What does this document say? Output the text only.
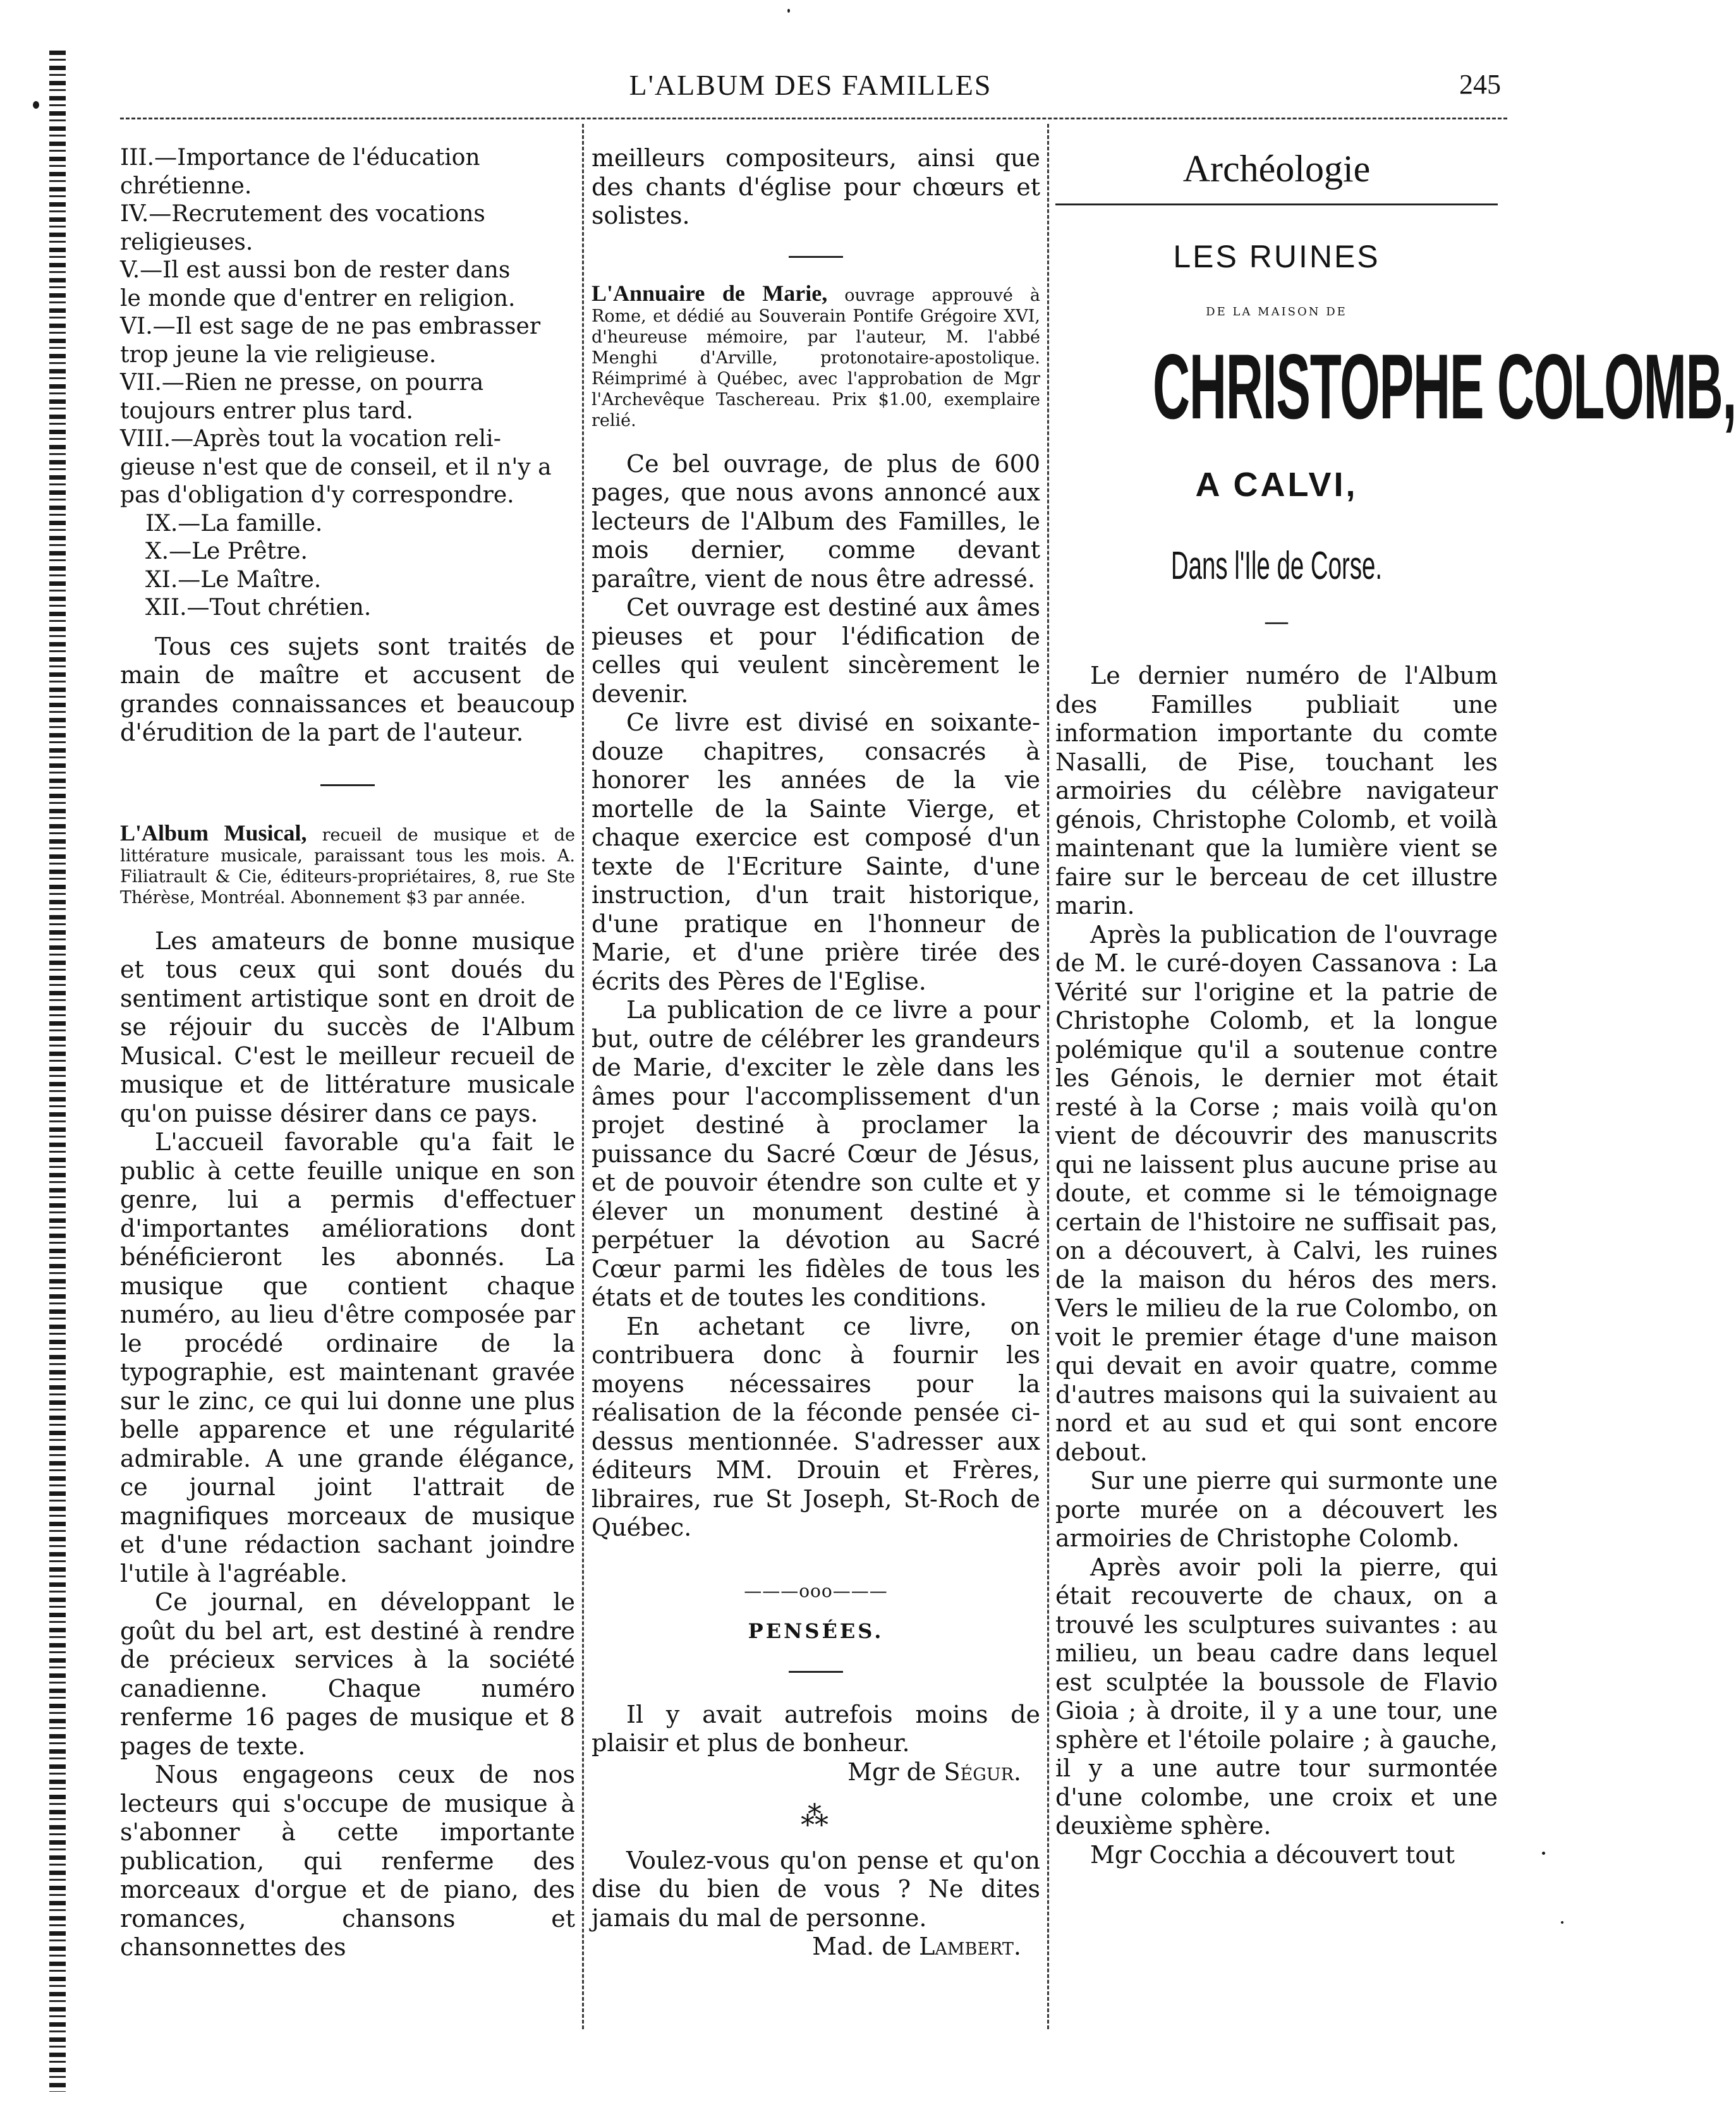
L'ALBUM DES FAMILLES	245
III.—Importance de l'éducation
chrétienne.
IV.—Recrutement des vocations
religieuses.
V.—Il est aussi bon de rester dans
le monde que d'entrer en religion.
VI.—Il est sage de ne pas embrasser
trop jeune la vie religieuse.
VII.—Rien ne presse, on pourra
toujours entrer plus tard.
VIII.—Après tout la vocation reli-
gieuse n'est que de conseil, et il n'y a
pas d'obligation d'y correspondre.
IX.—La famille.
X.—Le Prêtre.
XI.—Le Maître.
XII.—Tout chrétien.

Tous ces sujets sont traités de main de maître et accusent de grandes connaissances et beaucoup d'érudition de la part de l'auteur.

L'Album Musical, recueil de musique et de littérature musicale, paraissant tous les mois. A. Filiatrault & Cie, éditeurs-propriétaires, 8, rue Ste Thérèse, Montréal. Abonnement $3 par année.

Les amateurs de bonne musique et tous ceux qui sont doués du sentiment artistique sont en droit de se réjouir du succès de l'Album Musical. C'est le meilleur recueil de musique et de littérature musicale qu'on puisse désirer dans ce pays.

L'accueil favorable qu'a fait le public à cette feuille unique en son genre, lui a permis d'effectuer d'importantes améliorations dont bénéficieront les abonnés. La musique que contient chaque numéro, au lieu d'être composée par le procédé ordinaire de la typographie, est maintenant gravée sur le zinc, ce qui lui donne une plus belle apparence et une régularité admirable. A une grande élégance, ce journal joint l'attrait de magnifiques morceaux de musique et d'une rédaction sachant joindre l'utile à l'agréable.

Ce journal, en développant le goût du bel art, est destiné à rendre de précieux services à la société canadienne. Chaque numéro renferme 16 pages de musique et 8 pages de texte.

Nous engageons ceux de nos lecteurs qui s'occupe de musique à s'abonner à cette importante publication, qui renferme des morceaux d'orgue et de piano, des romances, chansons et chansonnettes des

meilleurs compositeurs, ainsi que des chants d'église pour chœurs et solistes.

L'Annuaire de Marie, ouvrage approuvé à Rome, et dédié au Souverain Pontife Grégoire XVI, d'heureuse mémoire, par l'auteur, M. l'abbé Menghi d'Arville, protonotaire-apostolique. Réimprimé à Québec, avec l'approbation de Mgr l'Archevêque Taschereau. Prix $1.00, exemplaire relié.

Ce bel ouvrage, de plus de 600 pages, que nous avons annoncé aux lecteurs de l'Album des Familles, le mois dernier, comme devant paraître, vient de nous être adressé.

Cet ouvrage est destiné aux âmes pieuses et pour l'édification de celles qui veulent sincèrement le devenir.

Ce livre est divisé en soixante-douze chapitres, consacrés à honorer les années de la vie mortelle de la Sainte Vierge, et chaque exercice est composé d'un texte de l'Ecriture Sainte, d'une instruction, d'un trait historique, d'une pratique en l'honneur de Marie, et d'une prière tirée des écrits des Pères de l'Eglise.

La publication de ce livre a pour but, outre de célébrer les grandeurs de Marie, d'exciter le zèle dans les âmes pour l'accomplissement d'un projet destiné à proclamer la puissance du Sacré Cœur de Jésus, et de pouvoir étendre son culte et y élever un monument destiné à perpétuer la dévotion au Sacré Cœur parmi les fidèles de tous les états et de toutes les conditions.

En achetant ce livre, on contribuera donc à fournir les moyens nécessaires pour la réalisation de la féconde pensée ci-dessus mentionnée. S'adresser aux éditeurs MM. Drouin et Frères, libraires, rue St Joseph, St-Roch de Québec.

———ooo———
PENSÉES.

Il y avait autrefois moins de plaisir et plus de bonheur.

Mgr de Ségur.
⁂

Voulez-vous qu'on pense et qu'on dise du bien de vous ? Ne dites jamais du mal de personne.

Mad. de Lambert.
Archéologie
LES RUINES
DE LA MAISON DE
CHRISTOPHE COLOMB,
A CALVI,
Dans l'Ile de Corse.
—

Le dernier numéro de l'Album des Familles publiait une information importante du comte Nasalli, de Pise, touchant les armoiries du célèbre navigateur génois, Christophe Colomb, et voilà maintenant que la lumière vient se faire sur le berceau de cet illustre marin.

Après la publication de l'ouvrage de M. le curé-doyen Cassanova : La Vérité sur l'origine et la patrie de Christophe Colomb, et la longue polémique qu'il a soutenue contre les Génois, le dernier mot était resté à la Corse ; mais voilà qu'on vient de découvrir des manuscrits qui ne laissent plus aucune prise au doute, et comme si le témoignage certain de l'histoire ne suffisait pas, on a découvert, à Calvi, les ruines de la maison du héros des mers. Vers le milieu de la rue Colombo, on voit le premier étage d'une maison qui devait en avoir quatre, comme d'autres maisons qui la suivaient au nord et au sud et qui sont encore debout.

Sur une pierre qui surmonte une porte murée on a découvert les armoiries de Christophe Colomb.

Après avoir poli la pierre, qui était recouverte de chaux, on a trouvé les sculptures suivantes : au milieu, un beau cadre dans lequel est sculptée la boussole de Flavio Gioia ; à droite, il y a une tour, une sphère et l'étoile polaire ; à gauche, il y a une autre tour surmontée d'une colombe, une croix et une deuxième sphère.

Mgr Cocchia a découvert tout
